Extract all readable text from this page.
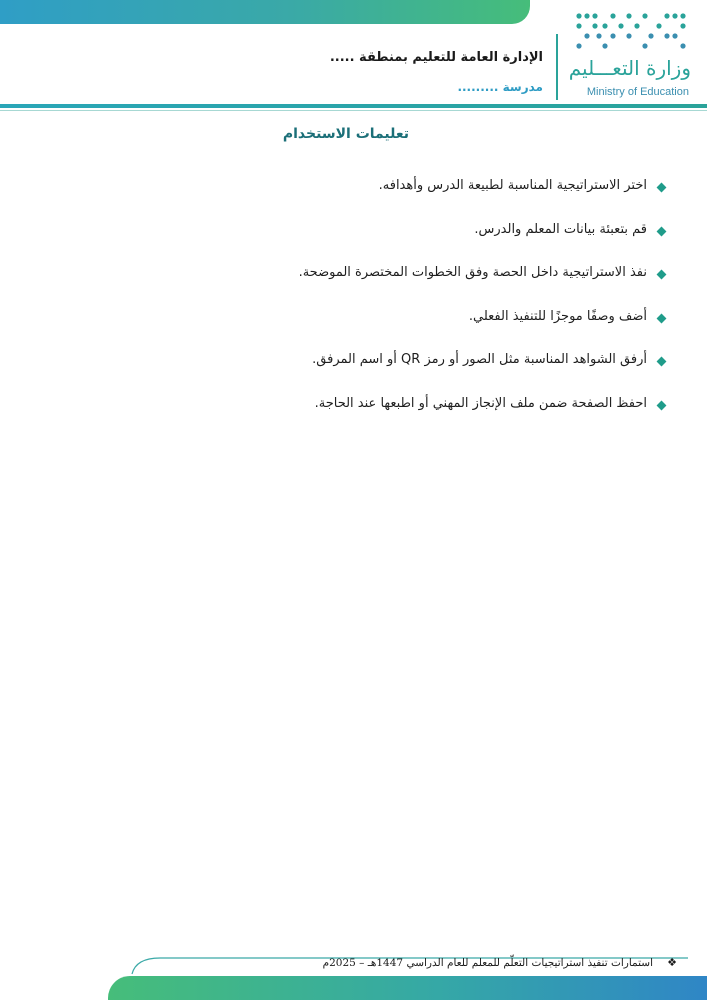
وزارة التعـــليم
Ministry of Education
الإدارة العامة للتعليم بمنطقة .....
مدرسة .........
تعليمات الاستخدام
اختر الاستراتيجية المناسبة لطبيعة الدرس وأهدافه.
قم بتعبئة بيانات المعلم والدرس.
نفذ الاستراتيجية داخل الحصة وفق الخطوات المختصرة الموضحة.
أضف وصفًا موجزًا للتنفيذ الفعلي.
أرفق الشواهد المناسبة مثل الصور أو رمز QR أو اسم المرفق.
احفظ الصفحة ضمن ملف الإنجاز المهني أو اطبعها عند الحاجة.
❖
استمارات تنفيذ استراتيجيات التعلّم للمعلم للعام الدراسي 1447هـ – 2025م
